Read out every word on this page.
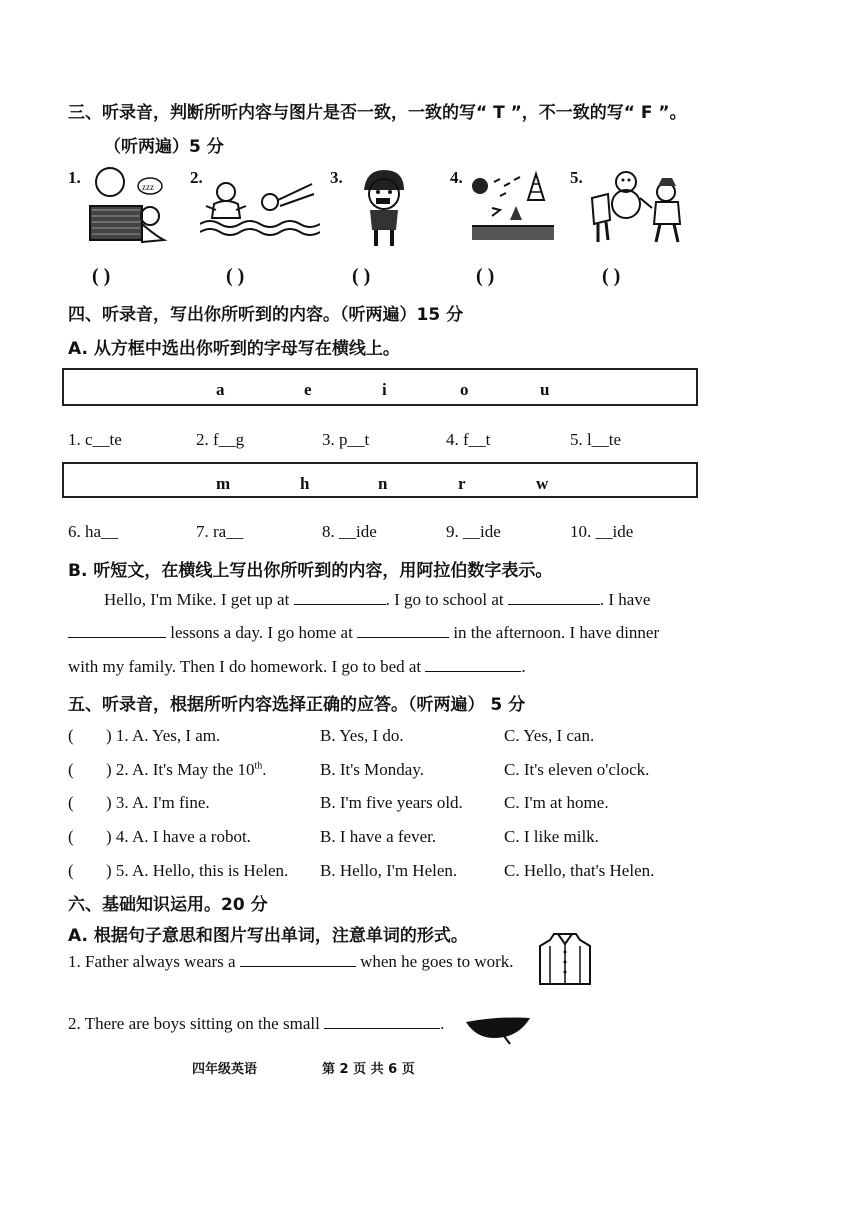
三、听录音，判断所听内容与图片是否一致，一致的写“ T ”，不一致的写“ F ”。
（听两遍）5 分
1.	2.	3.	4.	5.
zzz
( )	( )	( )	( )	( )
四、听录音，写出你所听到的内容。（听两遍）15 分
A. 从方框中选出你听到的字母写在横线上。
a	e	i	o	u
1. c__te	2. f__g	3. p__t	4. f__t	5. l__te
m	h	n	r	w
6. ha__	7. ra__	8. __ide	9. __ide	10. __ide
B. 听短文，在横线上写出你所听到的内容，用阿拉伯数字表示。
Hello, I'm Mike. I get up at	. I go to school at	. I have
lessons a day. I go home at	in the afternoon. I have dinner
with my family. Then I do homework. I go to bed at	.
五、听录音，根据所听内容选择正确的应答。（听两遍） 5 分
( ) 1. A. Yes, I am.	B. Yes, I do.	C. Yes, I can.
( ) 2. A. It's May the 10th.	B. It's Monday.	C. It's eleven o'clock.
( ) 3. A. I'm fine.	B. I'm five years old. C. I'm at home.
( ) 4. A. I have a robot.	B. I have a fever.	C. I like milk.
( ) 5. A. Hello, this is Helen. B. Hello, I'm Helen.	C. Hello, that's Helen.
六、基础知识运用。20 分
A. 根据句子意思和图片写出单词，注意单词的形式。
1. Father always wears a	when he goes to work.
2. There are boys sitting on the small	.
四年级英语	第 2 页 共 6 页
